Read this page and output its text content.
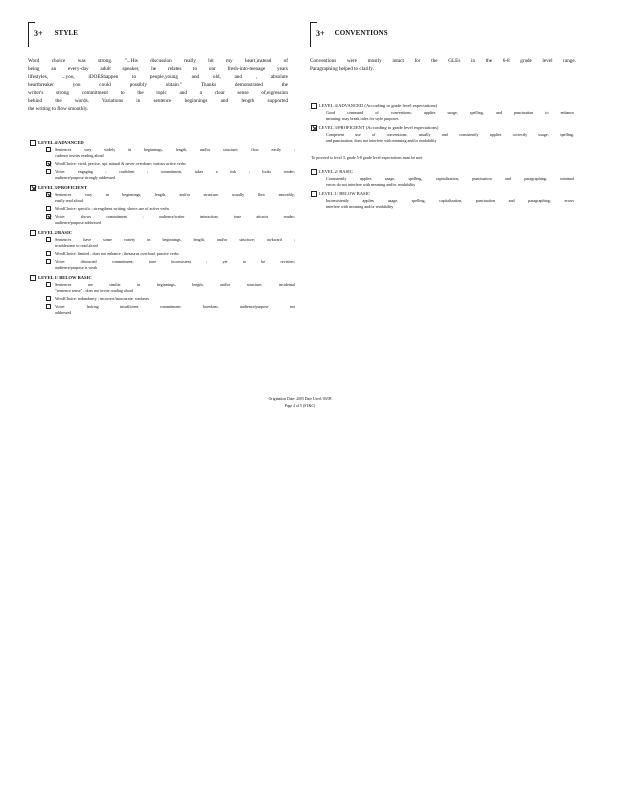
3+ STYLE
Word choice was strong. "...His discussion really hit my heart,instead of
being an every-day adult speaker, he relates to our fresh-into-teenage years
lifestyles, ...you, iDOEShappen to people,young and old, and , absolute
heartbreaker you could possibly obtain." Thanks demonstrated the
writer's strong commitment to the topic and a clear sense of,eigression
behind the words. Variations in sentence beginnings and length supported
the writing to flow smoothly.
LEVEL 4/ADVANCED
Sentences vary widely in beginnings, length, and/or structure; flow easily ;
cadence invites reading aloud
WordChoice: vivid, precise, apt, natural & never overdone; various active verbs
Voice: engaging ; confident ; commitment, takes a risk ; looks reader;
audience/purpose strongly addressed
LEVEL 3/PROFICIENT
Sentences vary in beginnings, length, and/or structure, usually flow smoothly;
easily read aloud
WordChoice: specific ; strengthens writing; shows use of active verbs
Voice: shows commitment ; audience/writer interaction; tone attracts reader;
audience/purpose addressed
LEVEL 2/BASIC
Sentences have some variety in beginnings, length, and/or structure; awkward ;
troublesome to read aloud
WordChoice: limited ; does not enhance ; thesaurus overload, passive verbs
Voice: distracted commitment; tone inconsistent ; yet to be revisiter;
audience/purpose is weak
LEVEL 1/ BELOW BASIC
Sentences are similar in beginnings, length, and/or structure; incidental
"sentence sense" ; does not invite reading aloud
WordChoice: redundancy ; incorrect/inaccurate; confuses
Voice: lacking insufficient commitment; boredom; audience/purpose not
addressed
3+ CONVENTIONS
Conventions were mostly intact for the GLEs in the 6-8 grade level range.
Paragraphing helped to clarify.
LEVEL 4/ADVANCED (According to grade level expectations)
Good command of conventions; applies usage, spelling, and punctuation to enhance
meaning; may break rules for style purposes
LEVEL 3/PROFICIENT (According to grade level expectations)
Competent use of conventions; usually and consistently applies correctly usage, spelling,
and punctuation; does not interfere with meaning and/or readability
To proceed to level 3, grade 5-8 grade level expectations must be met.
LEVEL 2/ BASIC
Consistently applies usage, spelling, capitalization, punctuation and paragraphing; minimal
errors do not interfere with meaning and/or readability
LEVEL 1/ BELOW BASIC
Inconsistently applies usage, spelling, capitalization, punctuation and paragraphing; errors
interfere with meaning and/or readability
Origination Date: 2005 Date Used: 03/08
Page 4 of 5 (ST&C)
